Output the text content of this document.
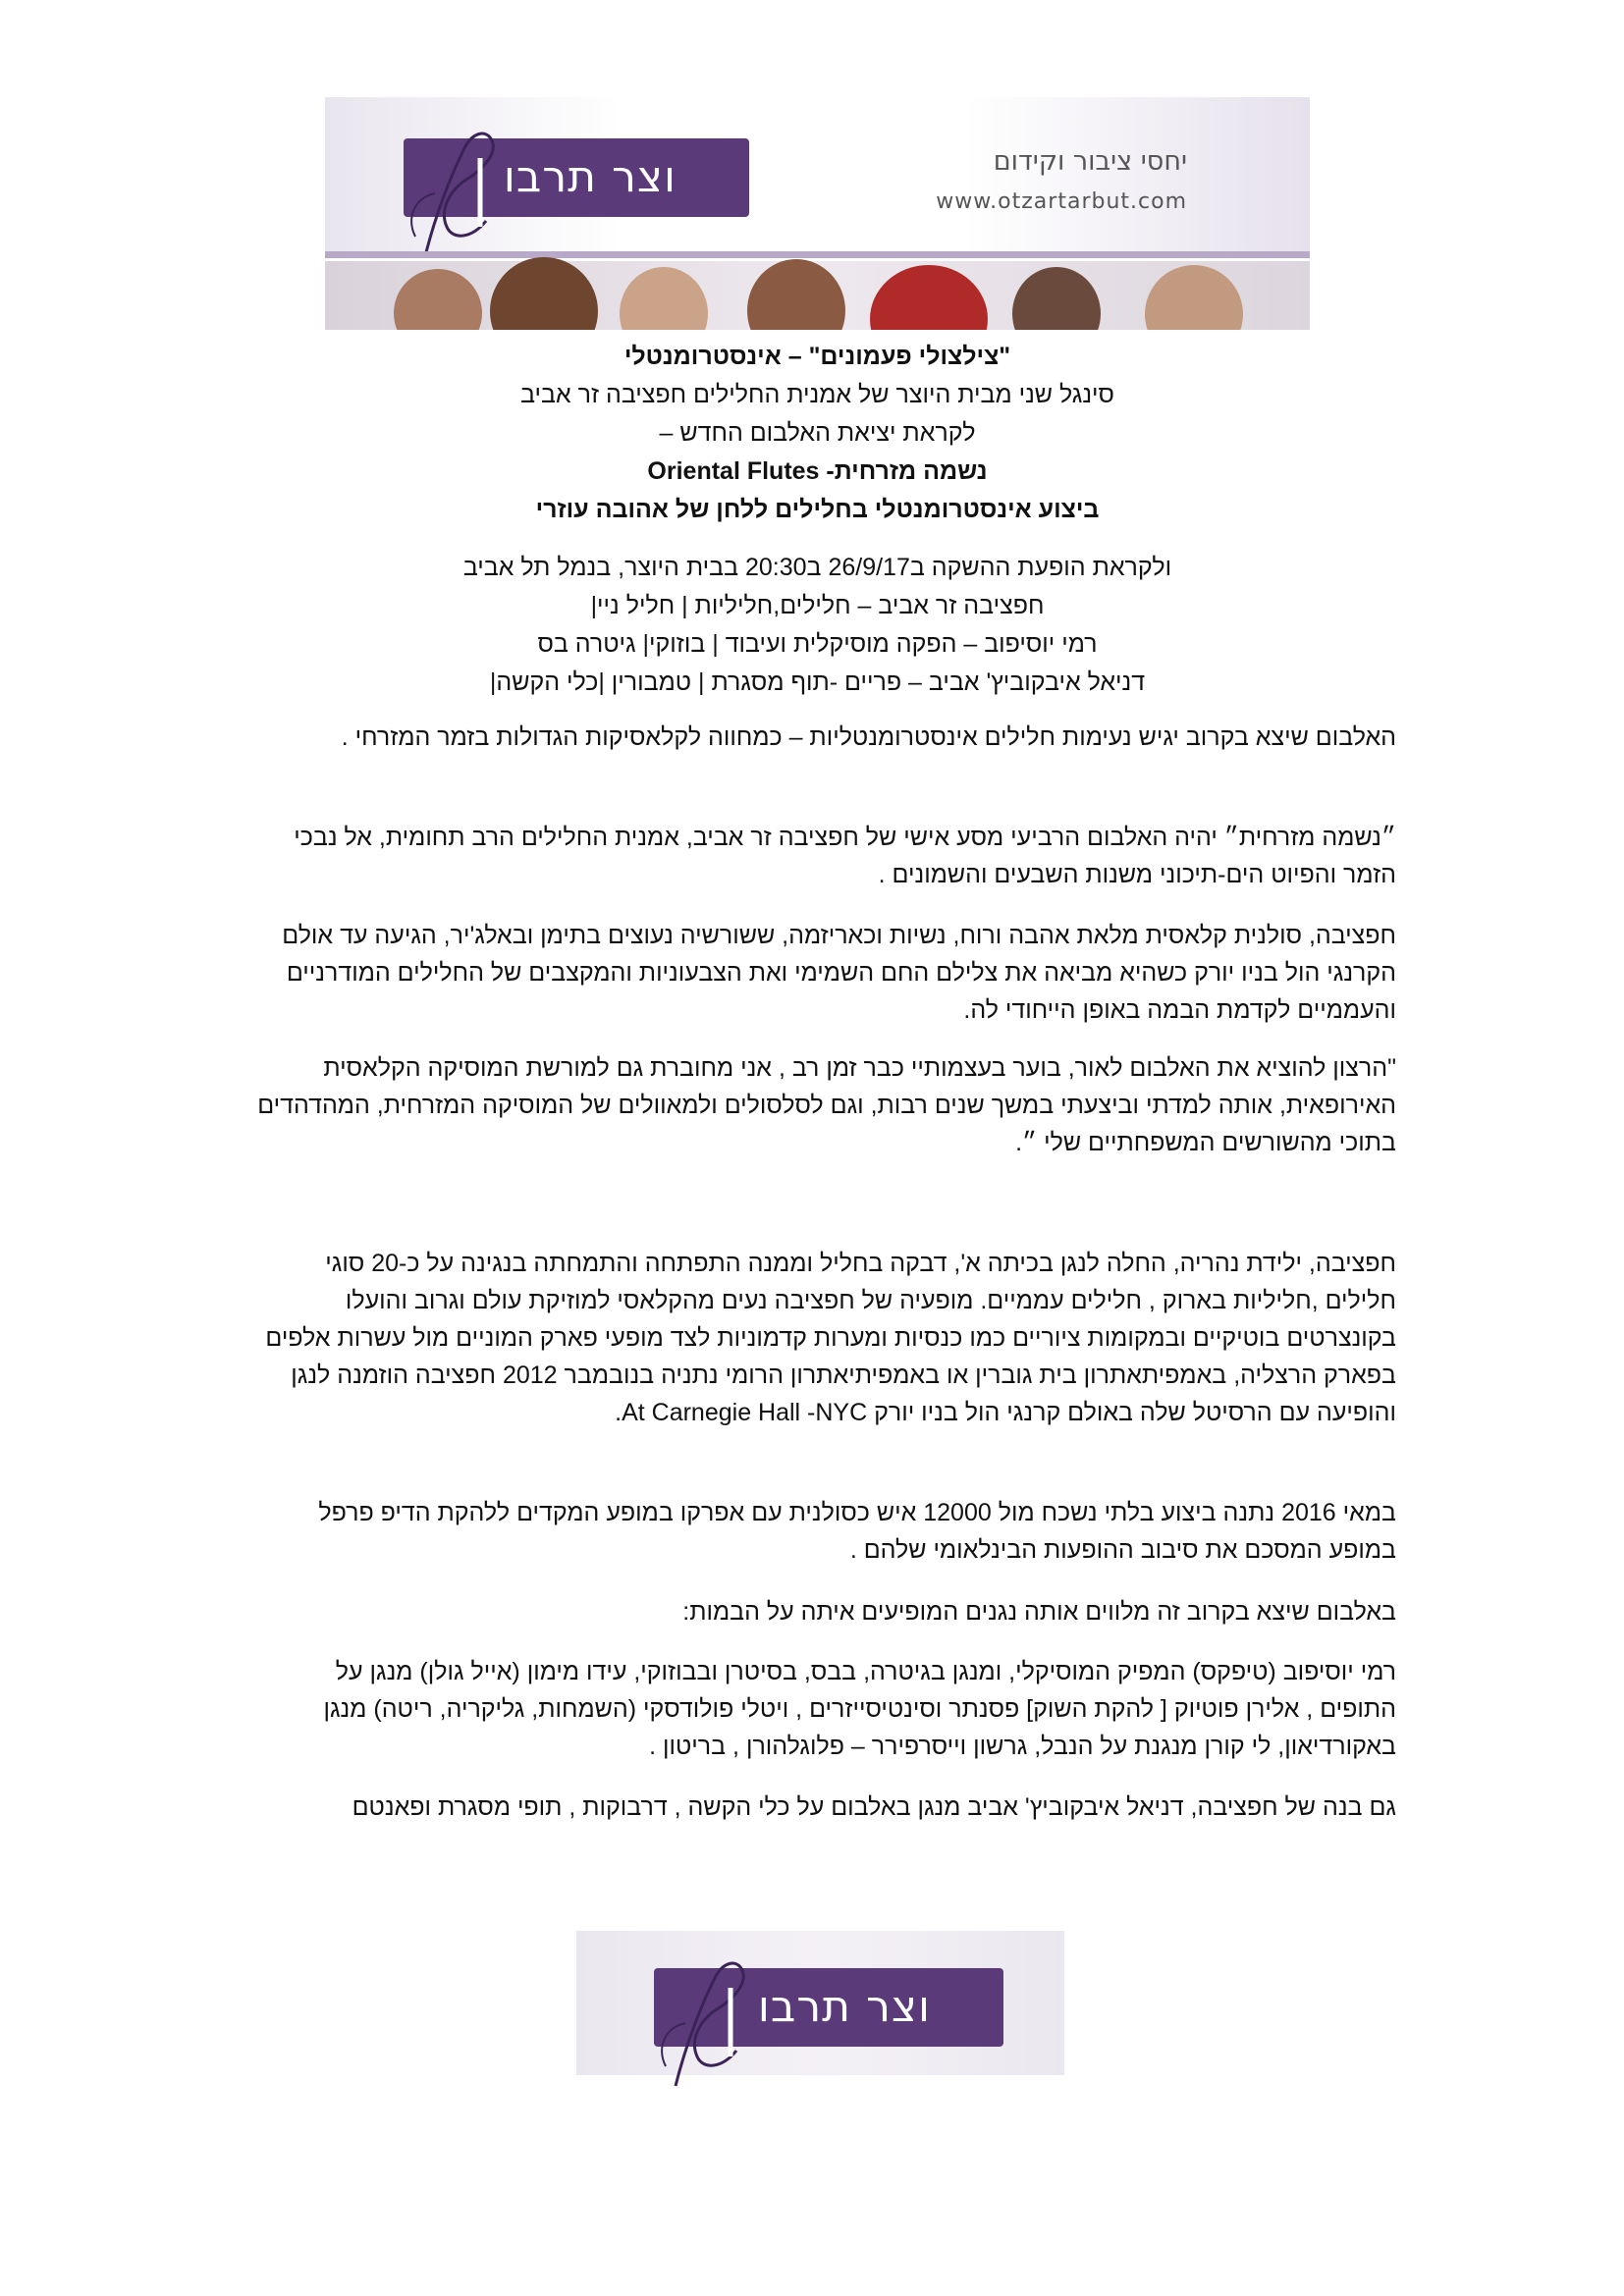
וצר תרבו	יחסי ציבור וקידום
www.otzartarbut.com

"צילצולי פעמונים" – אינסטרומנטלי

סינגל שני מבית היוצר של אמנית החלילים חפציבה זר אביב

לקראת יציאת האלבום החדש –

נשמה מזרחית- Oriental Flutes

ביצוע אינסטרומנטלי בחלילים ללחן של אהובה עוזרי

ולקראת הופעת ההשקה ב26/9/17 ב20:30 בבית היוצר, בנמל תל אביב

חפציבה זר אביב – חלילים,חליליות | חליל ניי|

רמי יוסיפוב – הפקה מוסיקלית ועיבוד | בוזוקי| גיטרה בס

דניאל איבקוביץ' אביב – פריים -תוף מסגרת | טמבורין |כלי הקשה|

האלבום שיצא בקרוב יגיש נעימות חלילים אינסטרומנטליות – כמחווה לקלאסיקות הגדולות בזמר המזרחי .

״נשמה מזרחית״ יהיה האלבום הרביעי מסע אישי של חפציבה זר אביב, אמנית החלילים הרב תחומית, אל נבכי הזמר והפיוט הים-תיכוני משנות השבעים והשמונים .

חפציבה, סולנית קלאסית מלאת אהבה ורוח, נשיות וכאריזמה, ששורשיה נעוצים בתימן ובאלג'יר, הגיעה עד אולם הקרנגי הול בניו יורק כשהיא מביאה את צלילם החם השמימי ואת הצבעוניות והמקצבים של החלילים המודרניים והעממיים לקדמת הבמה באופן הייחודי לה.

"הרצון להוציא את האלבום לאור, בוער בעצמותיי כבר זמן רב , אני מחוברת גם למורשת המוסיקה הקלאסית האירופאית, אותה למדתי וביצעתי במשך שנים רבות, וגם לסלסולים ולמאוולים של המוסיקה המזרחית, המהדהדים בתוכי מהשורשים המשפחתיים שלי ״.

חפציבה, ילידת נהריה, החלה לנגן בכיתה א', דבקה בחליל וממנה התפתחה והתמחתה בנגינה על כ-20 סוגי חלילים ,חליליות בארוק , חלילים עממיים. מופעיה של חפציבה נעים מהקלאסי למוזיקת עולם וגרוב והועלו בקונצרטים בוטיקיים ובמקומות ציוריים כמו כנסיות ומערות קדמוניות לצד מופעי פארק המוניים מול עשרות אלפים בפארק הרצליה, באמפיתאתרון בית גוברין או באמפיתיאתרון הרומי נתניה בנובמבר 2012 חפציבה הוזמנה לנגן והופיעה עם הרסיטל שלה באולם קרנגי הול בניו יורק At Carnegie Hall -NYC.

במאי 2016 נתנה ביצוע בלתי נשכח מול 12000 איש כסולנית עם אפרקו במופע המקדים ללהקת הדיפ פרפל במופע המסכם את סיבוב ההופעות הבינלאומי שלהם .

באלבום שיצא בקרוב זה מלווים אותה נגנים המופיעים איתה על הבמות:

רמי יוסיפוב (טיפקס) המפיק המוסיקלי, ומנגן בגיטרה, בבס, בסיטרן ובבוזוקי, עידו מימון (אייל גולן) מנגן על התופים , אלירן פוטיוק [ להקת השוק] פסנתר וסינטיסייזרים , ויטלי פולודסקי (השמחות, גליקריה, ריטה) מנגן באקורדיאון, לי קורן מנגנת על הנבל, גרשון וייסרפירר – פלוגלהורן , בריטון .

גם בנה של חפציבה, דניאל איבקוביץ' אביב מנגן באלבום על כלי הקשה , דרבוקות , תופי מסגרת ופאנטם

וצר תרבו
